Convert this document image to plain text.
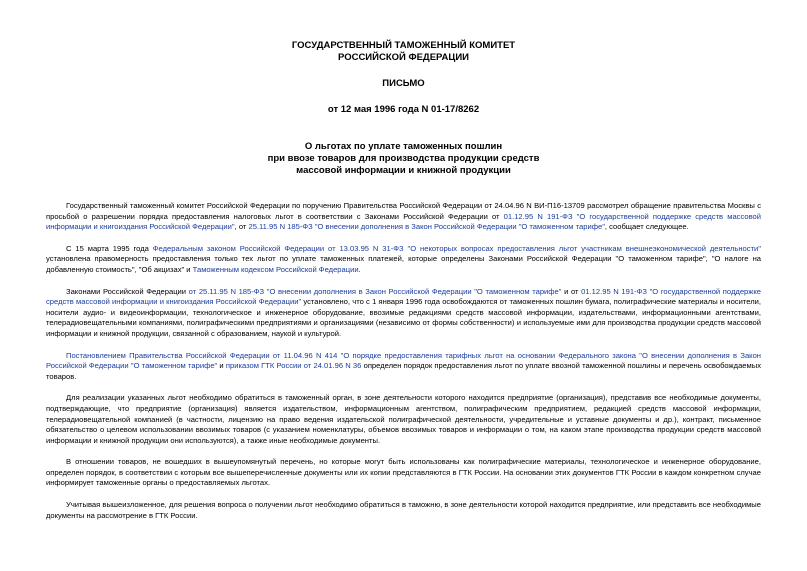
ГОСУДАРСТВЕННЫЙ ТАМОЖЕННЫЙ КОМИТЕТ
РОССИЙСКОЙ ФЕДЕРАЦИИ
ПИСЬМО
от 12 мая 1996 года N 01-17/8262
О льготах по уплате таможенных пошлин
при ввозе товаров для производства продукции средств
массовой информации и книжной продукции

Государственный таможенный комитет Российской Федерации по поручению Правительства Российской Федерации от 24.04.96 N ВИ-П16-13709 рассмотрел обращение правительства Москвы с просьбой о разрешении порядка предоставления налоговых льгот в соответствии с Законами Российской Федерации от 01.12.95 N 191-ФЗ "О государственной поддержке средств массовой информации и книгоиздания Российской Федерации", от 25.11.95 N 185-ФЗ "О внесении дополнения в Закон Российской Федерации "О таможенном тарифе", сообщает следующее.

С 15 марта 1995 года Федеральным законом Российской Федерации от 13.03.95 N 31-ФЗ "О некоторых вопросах предоставления льгот участникам внешнеэкономической деятельности" установлена правомерность предоставления только тех льгот по уплате таможенных платежей, которые определены Законами Российской Федерации "О таможенном тарифе", "О налоге на добавленную стоимость", "Об акцизах" и Таможенным кодексом Российской Федерации.

Законами Российской Федерации от 25.11.95 N 185-ФЗ "О внесении дополнения в Закон Российской Федерации "О таможенном тарифе" и от 01.12.95 N 191-ФЗ "О государственной поддержке средств массовой информации и книгоиздания Российской Федерации" установлено, что с 1 января 1996 года освобождаются от таможенных пошлин бумага, полиграфические материалы и носители, носители аудио- и видеоинформации, технологическое и инженерное оборудование, ввозимые редакциями средств массовой информации, издательствами, информационными агентствами, телерадиовещательными компаниями, полиграфическими предприятиями и организациями (независимо от формы собственности) и используемые ими для производства продукции средств массовой информации и книжной продукции, связанной с образованием, наукой и культурой.

Постановлением Правительства Российской Федерации от 11.04.96 N 414 "О порядке предоставления тарифных льгот на основании Федерального закона "О внесении дополнения в Закон Российской Федерации "О таможенном тарифе" и приказом ГТК России от 24.01.96 N 36 определен порядок предоставления льгот по уплате ввозной таможенной пошлины и перечень освобождаемых товаров.

Для реализации указанных льгот необходимо обратиться в таможенный орган, в зоне деятельности которого находится предприятие (организация), представив все необходимые документы, подтверждающие, что предприятие (организация) является издательством, информационным агентством, полиграфическим предприятием, редакцией средств массовой информации, телерадиовещательной компанией (в частности, лицензию на право ведения издательской полиграфической деятельности, учредительные и уставные документы и др.), контракт, письменное обязательство о целевом использовании ввозимых товаров (с указанием номенклатуры, объемов ввозимых товаров и информации о том, на каком этапе производства продукции средств массовой информации и книжной продукции они используются), а также иные необходимые документы.

В отношении товаров, не вошедших в вышеупомянутый перечень, но которые могут быть использованы как полиграфические материалы, технологическое и инженерное оборудование, определен порядок, в соответствии с которым все вышеперечисленные документы или их копии представляются в ГТК России. На основании этих документов ГТК России в каждом конкретном случае информирует таможенные органы о предоставляемых льготах.

Учитывая вышеизложенное, для решения вопроса о получении льгот необходимо обратиться в таможню, в зоне деятельности которой находится предприятие, или представить все необходимые документы на рассмотрение в ГТК России.
